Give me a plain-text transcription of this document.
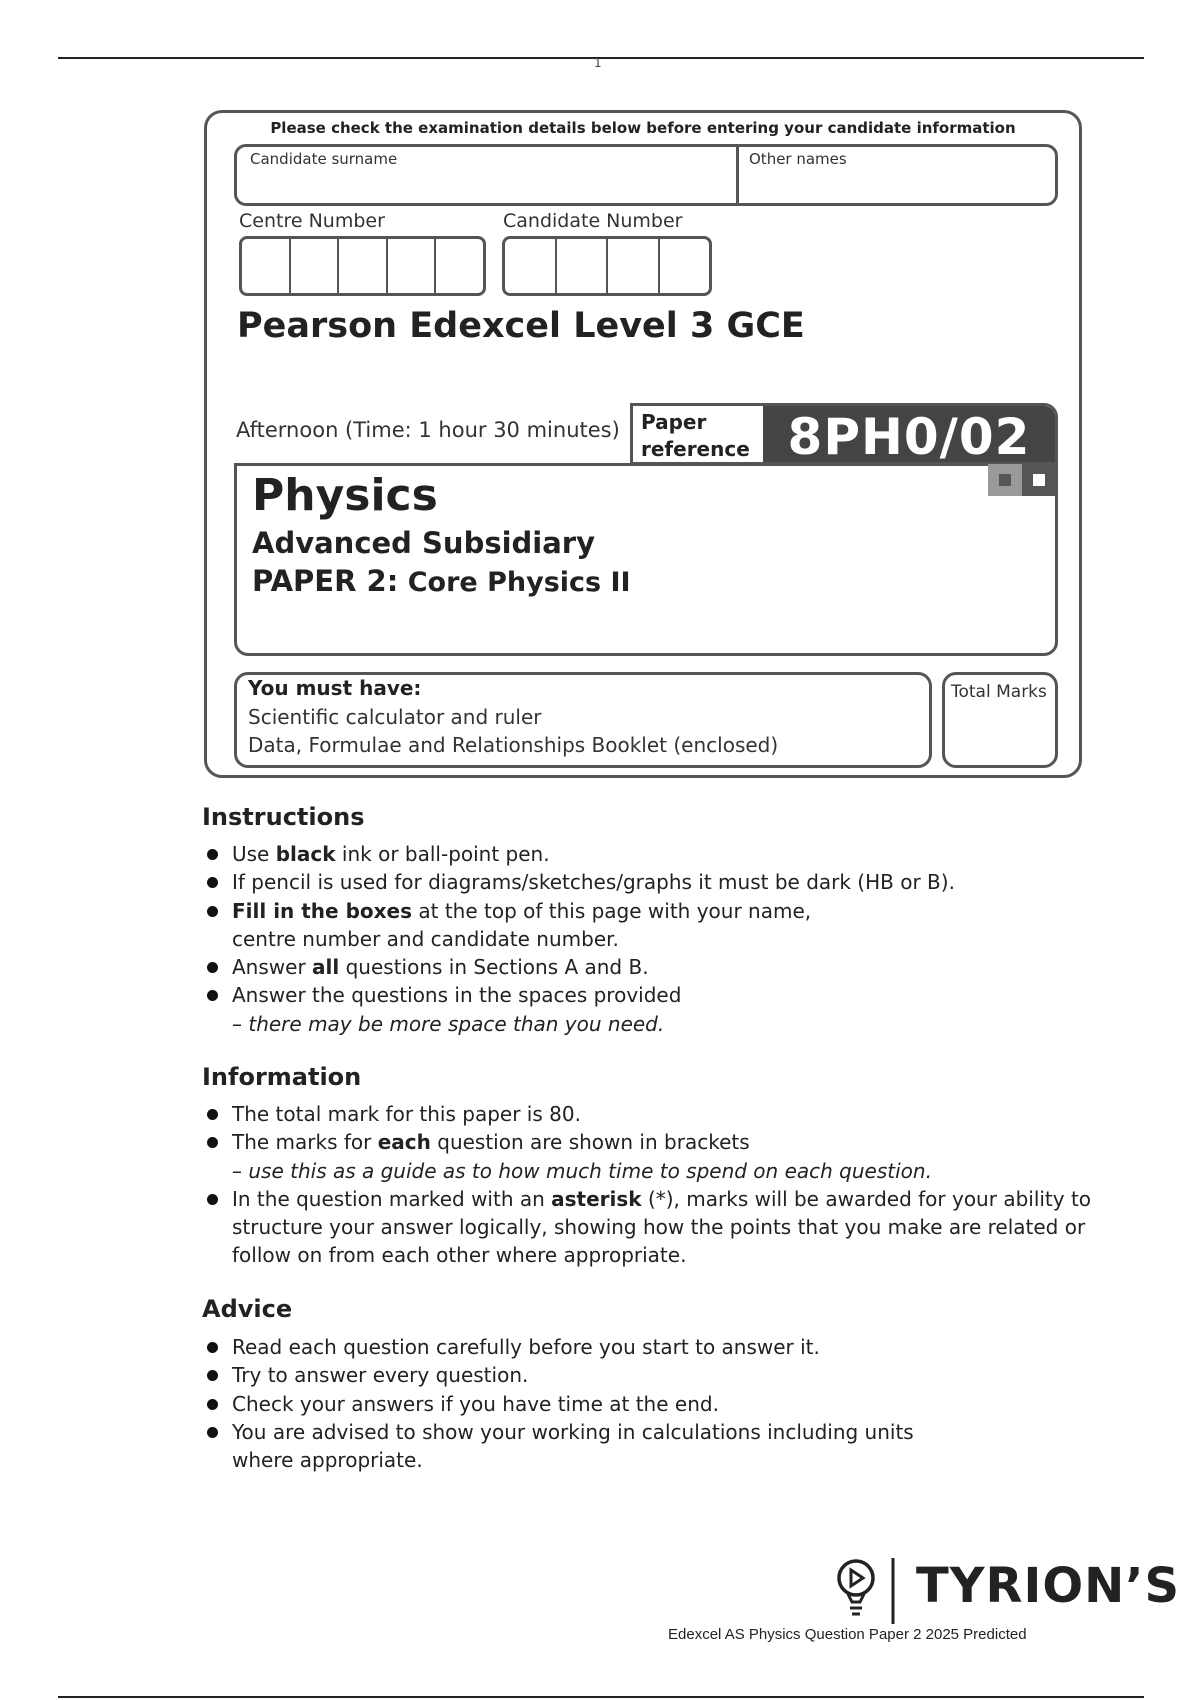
1
Please check the examination details below before entering your candidate information
Candidate surname	Other names
Centre Number	Candidate Number
Pearson Edexcel Level 3 GCE
Afternoon (Time: 1 hour 30 minutes) Paper
reference 8PH0/02
Physics
Advanced Subsidiary
PAPER 2: Core Physics II
You must have:
Scientific calculator and ruler
Data, Formulae and Relationships Booklet (enclosed)
Total Marks
Instructions
Use black ink or ball-point pen.
If pencil is used for diagrams/sketches/graphs it must be dark (HB or B).
Fill in the boxes at the top of this page with your name,
centre number and candidate number.
Answer all questions in Sections A and B.
Answer the questions in the spaces provided
– there may be more space than you need.
Information
The total mark for this paper is 80.
The marks for each question are shown in brackets
– use this as a guide as to how much time to spend on each question.
In the question marked with an asterisk (*), marks will be awarded for your ability to
structure your answer logically, showing how the points that you make are related or
follow on from each other where appropriate.
Advice
Read each question carefully before you start to answer it.
Try to answer every question.
Check your answers if you have time at the end.
You are advised to show your working in calculations including units
where appropriate.
TYRION’S
Edexcel AS Physics Question Paper 2 2025 Predicted
